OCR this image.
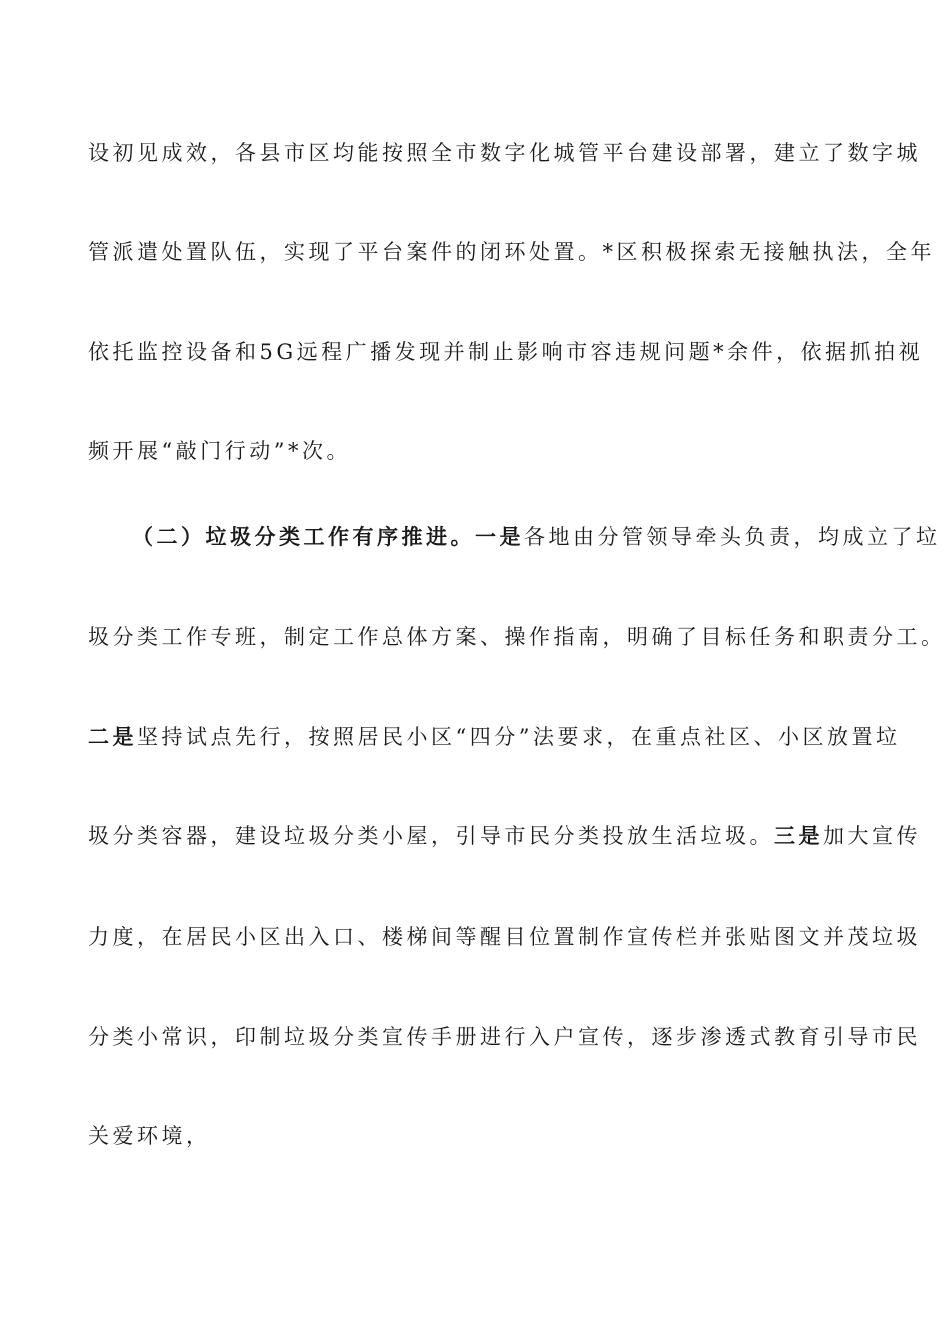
设初见成效，各县市区均能按照全市数字化城管平台建设部署，建立了数字城
管派遣处置队伍，实现了平台案件的闭环处置。*区积极探索无接触执法，全年
依托监控设备和5G远程广播发现并制止影响市容违规问题*余件，依据抓拍视
频开展“敲门行动”*次。
（二）垃圾分类工作有序推进。一是各地由分管领导牵头负责，均成立了垃
圾分类工作专班，制定工作总体方案、操作指南，明确了目标任务和职责分工。
二是坚持试点先行，按照居民小区“四分”法要求，在重点社区、小区放置垃
圾分类容器，建设垃圾分类小屋，引导市民分类投放生活垃圾。三是加大宣传
力度，在居民小区出入口、楼梯间等醒目位置制作宣传栏并张贴图文并茂垃圾
分类小常识，印制垃圾分类宣传手册进行入户宣传，逐步渗透式教育引导市民
关爱环境，
